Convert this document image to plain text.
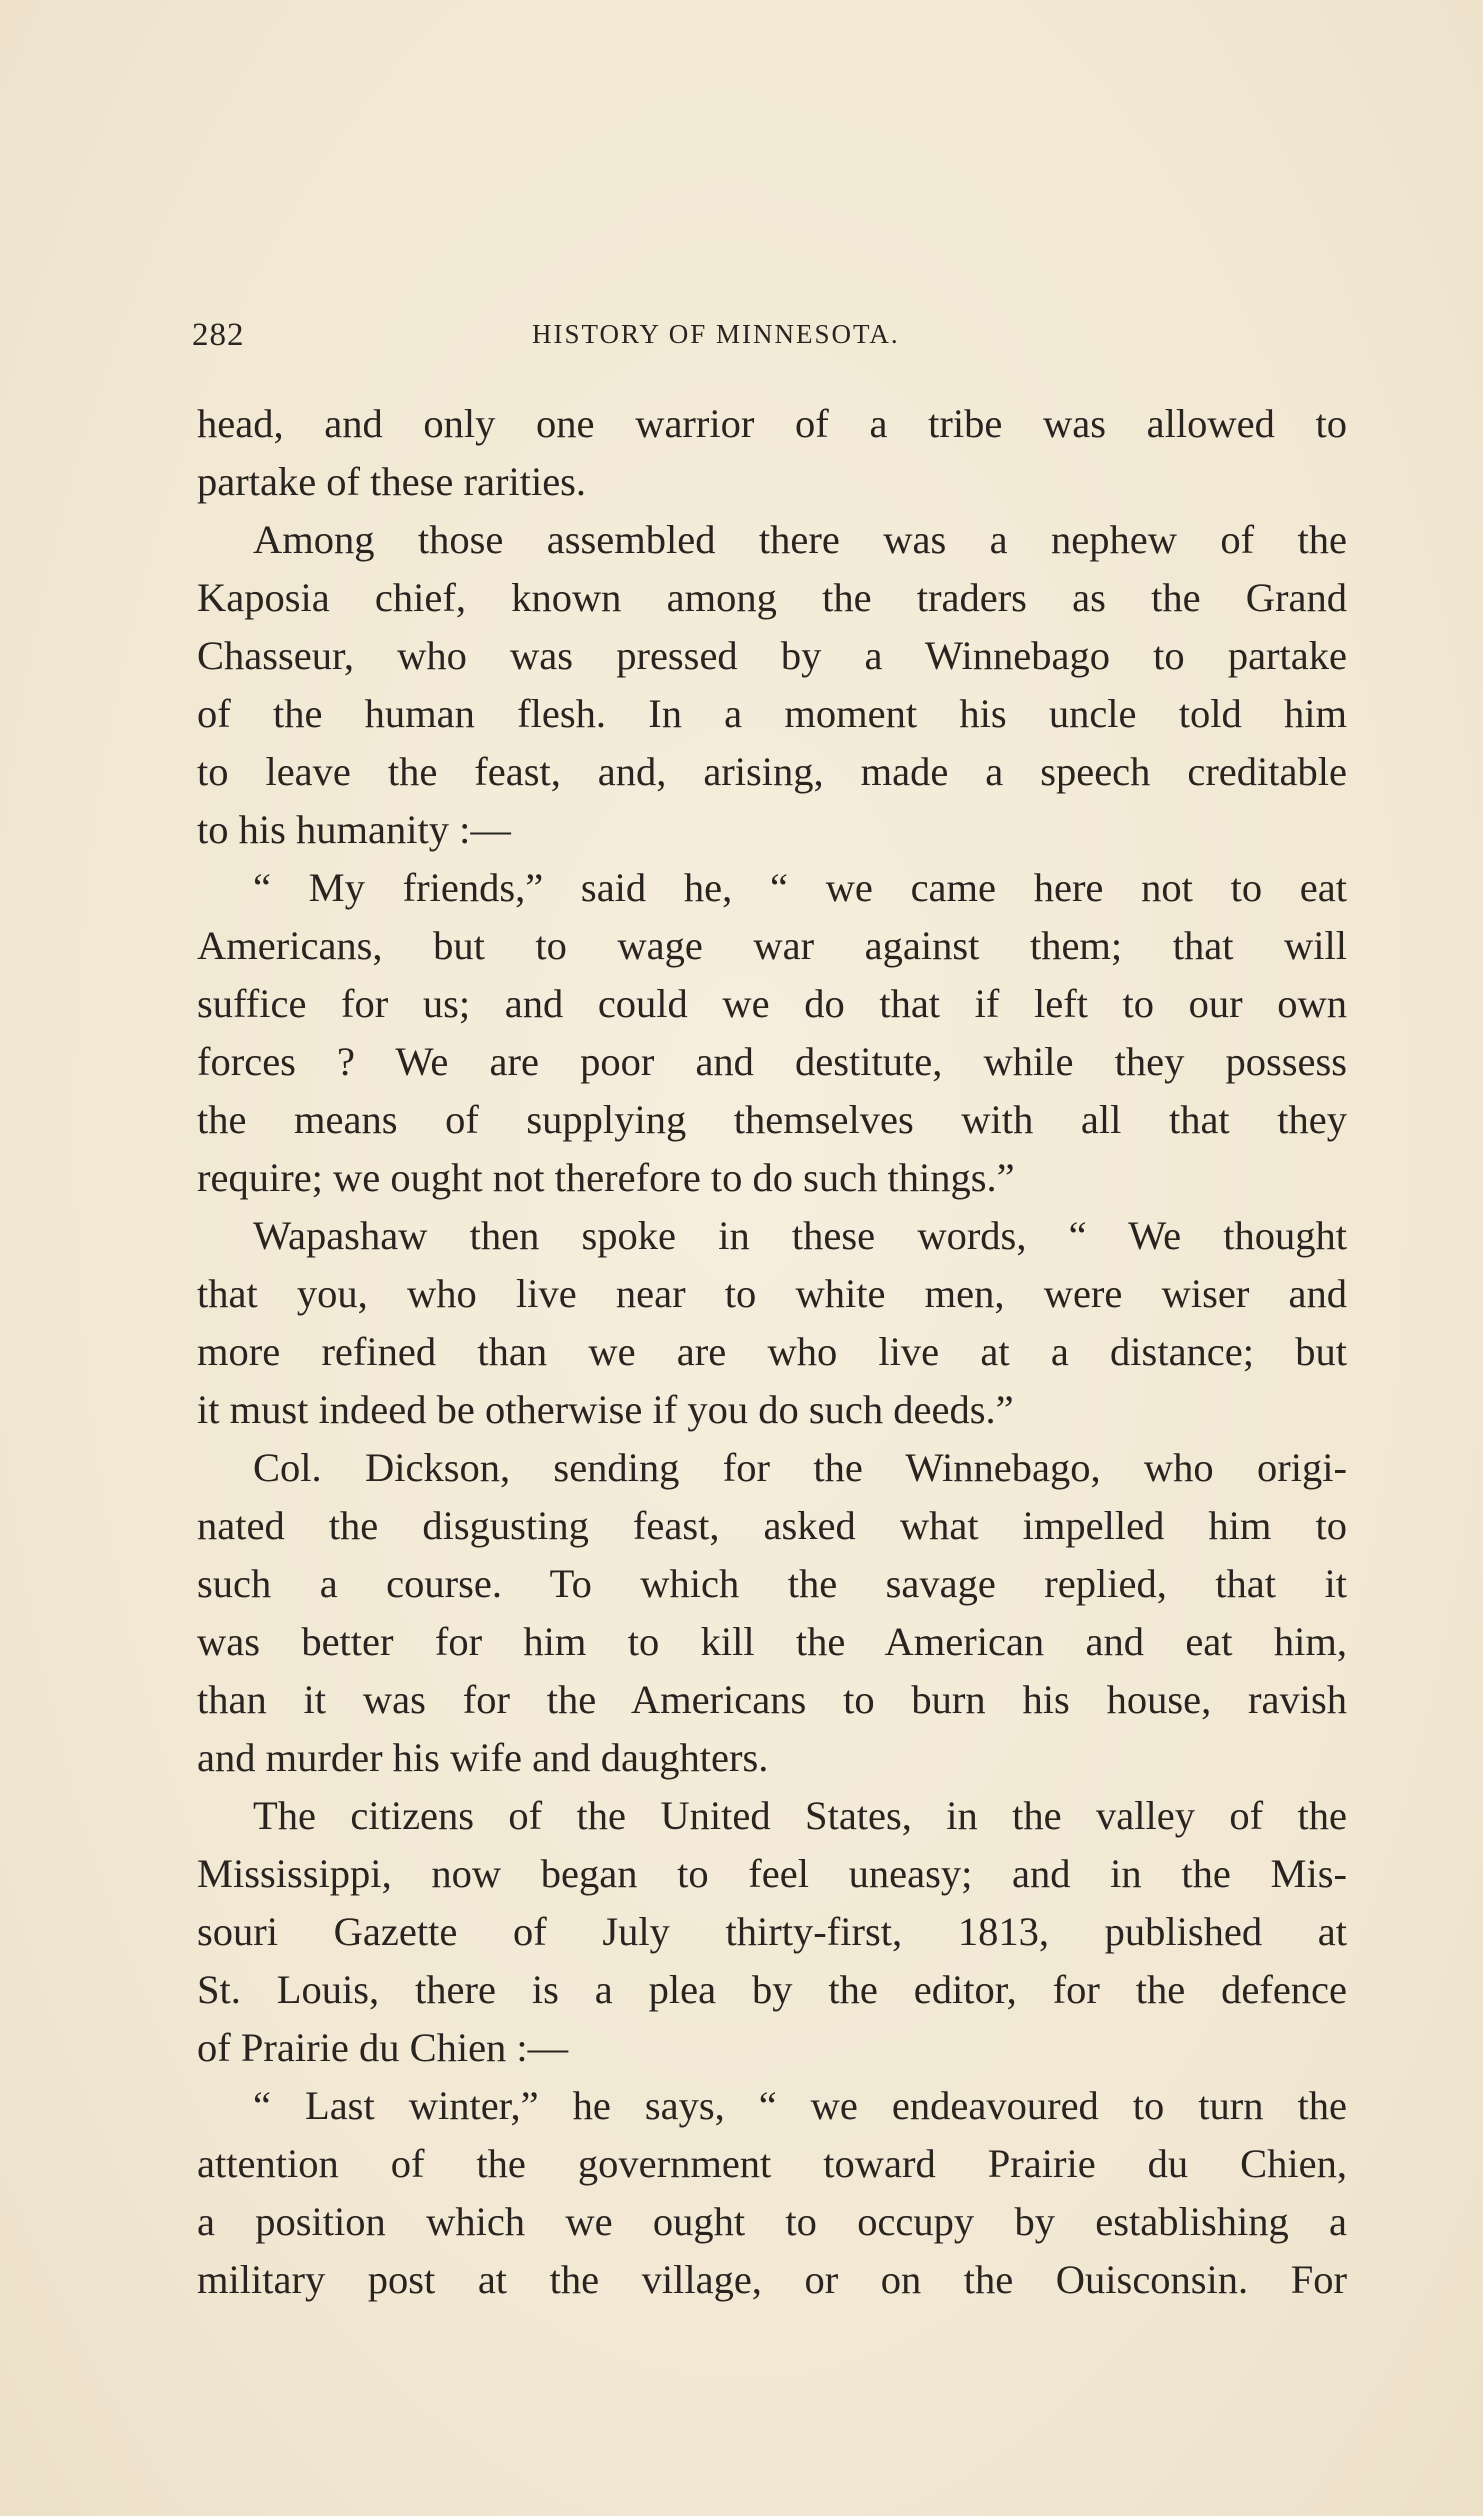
282	HISTORY OF MINNESOTA.
head, and only one warrior of a tribe was allowed to
partake of these rarities.
Among those assembled there was a nephew of the
Kaposia chief, known among the traders as the Grand
Chasseur, who was pressed by a Winnebago to partake
of the human flesh. In a moment his uncle told him
to leave the feast, and, arising, made a speech creditable
to his humanity :—
“ My friends,” said he, “ we came here not to eat
Americans, but to wage war against them; that will
suffice for us; and could we do that if left to our own
forces ? We are poor and destitute, while they possess
the means of supplying themselves with all that they
require; we ought not therefore to do such things.”
Wapashaw then spoke in these words, “ We thought
that you, who live near to white men, were wiser and
more refined than we are who live at a distance; but
it must indeed be otherwise if you do such deeds.”
Col. Dickson, sending for the Winnebago, who origi-
nated the disgusting feast, asked what impelled him to
such a course. To which the savage replied, that it
was better for him to kill the American and eat him,
than it was for the Americans to burn his house, ravish
and murder his wife and daughters.
The citizens of the United States, in the valley of the
Mississippi, now began to feel uneasy; and in the Mis-
souri Gazette of July thirty-first, 1813, published at
St. Louis, there is a plea by the editor, for the defence
of Prairie du Chien :—
“ Last winter,” he says, “ we endeavoured to turn the
attention of the government toward Prairie du Chien,
a position which we ought to occupy by establishing a
military post at the village, or on the Ouisconsin. For
